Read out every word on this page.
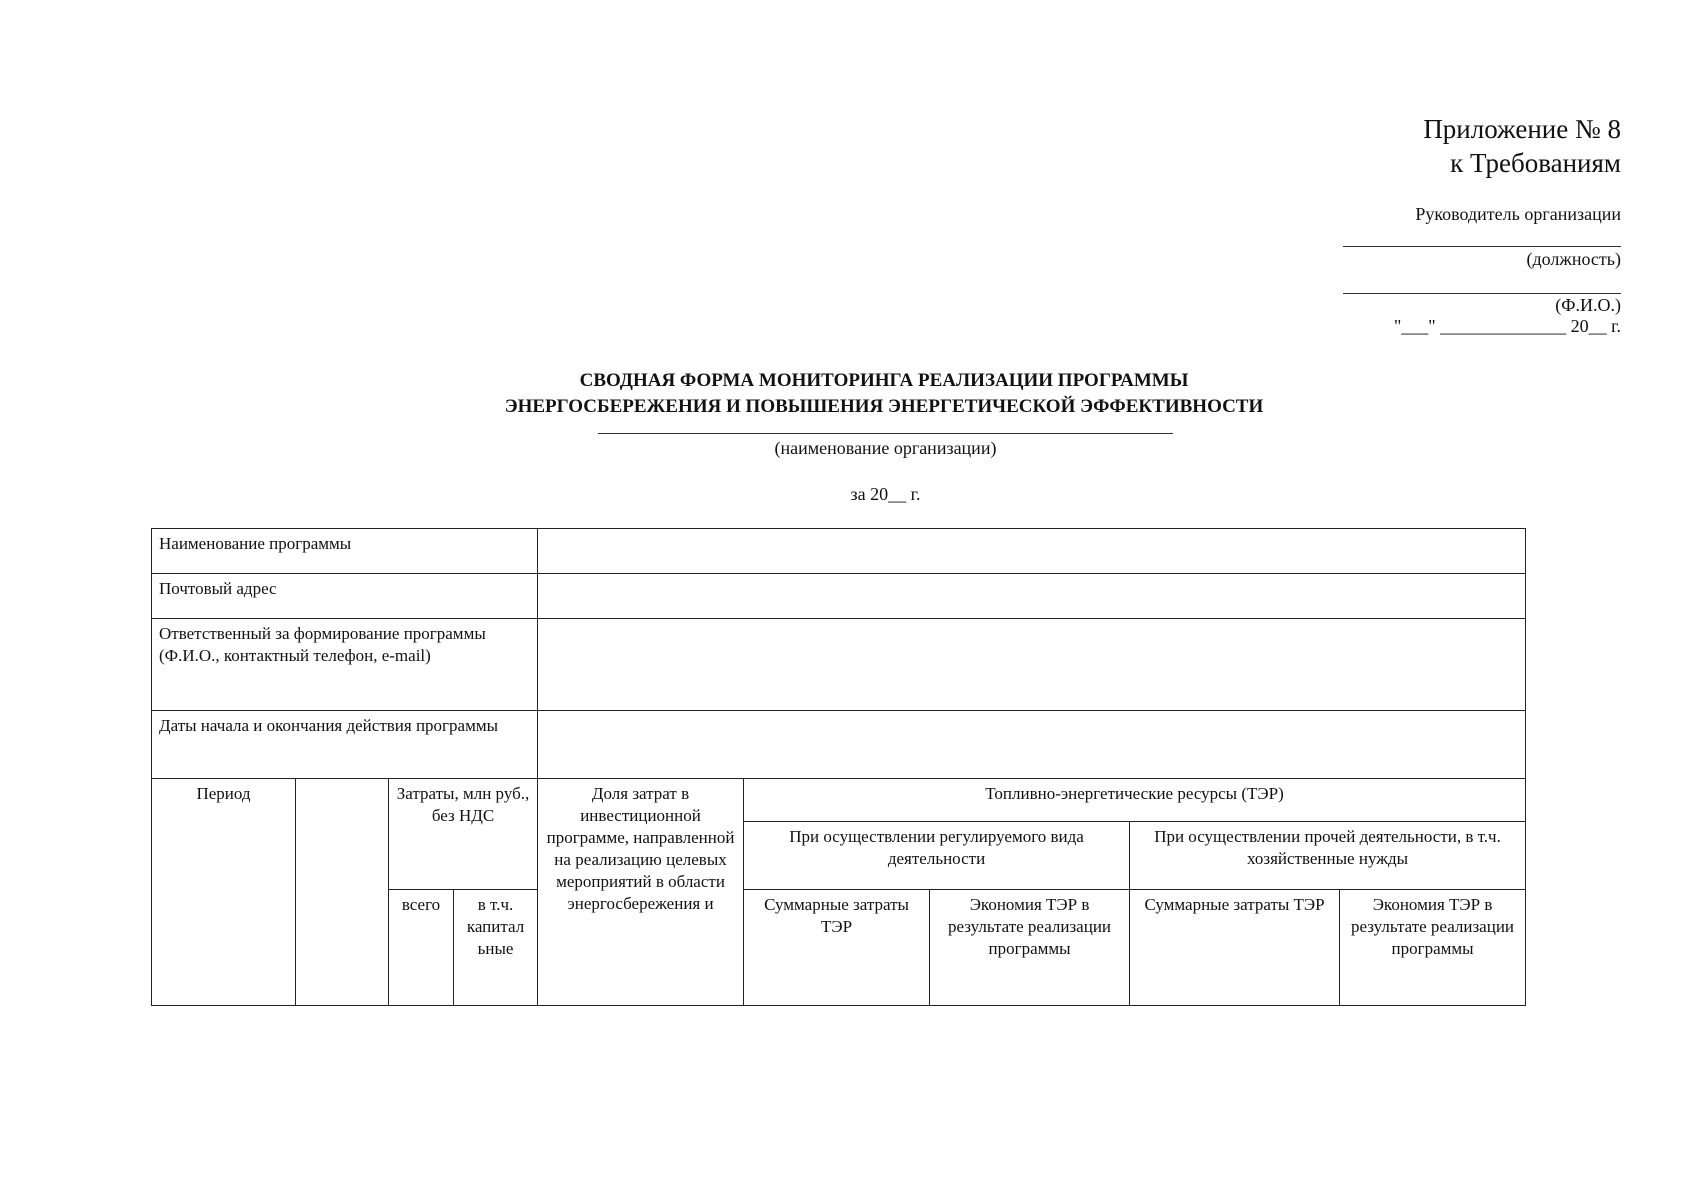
Приложение № 8
к Требованиям
Руководитель организации
(должность)
(Ф.И.О.)
"___" ______________ 20__ г.
СВОДНАЯ ФОРМА МОНИТОРИНГА РЕАЛИЗАЦИИ ПРОГРАММЫ
ЭНЕРГОСБЕРЕЖЕНИЯ И ПОВЫШЕНИЯ ЭНЕРГЕТИЧЕСКОЙ ЭФФЕКТИВНОСТИ
(наименование организации)
за 20__ г.
Наименование программы								
Почтовый адрес								
Ответственный за формирование программы (Ф.И.О., контактный телефон, e-mail)								
Даты начала и окончания действия программы								
Период		Затраты, млн руб., без НДС		Доля затрат в инвестиционной программе, направленной на реализацию целевых мероприятий в области энергосбережения и	Топливно-энергетические ресурсы (ТЭР)			
					При осуществлении регулируемого вида деятельности		При осуществлении прочей деятельности, в т.ч. хозяйственные нужды	
		всего	в т.ч. капитал ьные		Суммарные затраты ТЭР	Экономия ТЭР в результате реализации программы	Суммарные затраты ТЭР	Экономия ТЭР в результате реализации программы
